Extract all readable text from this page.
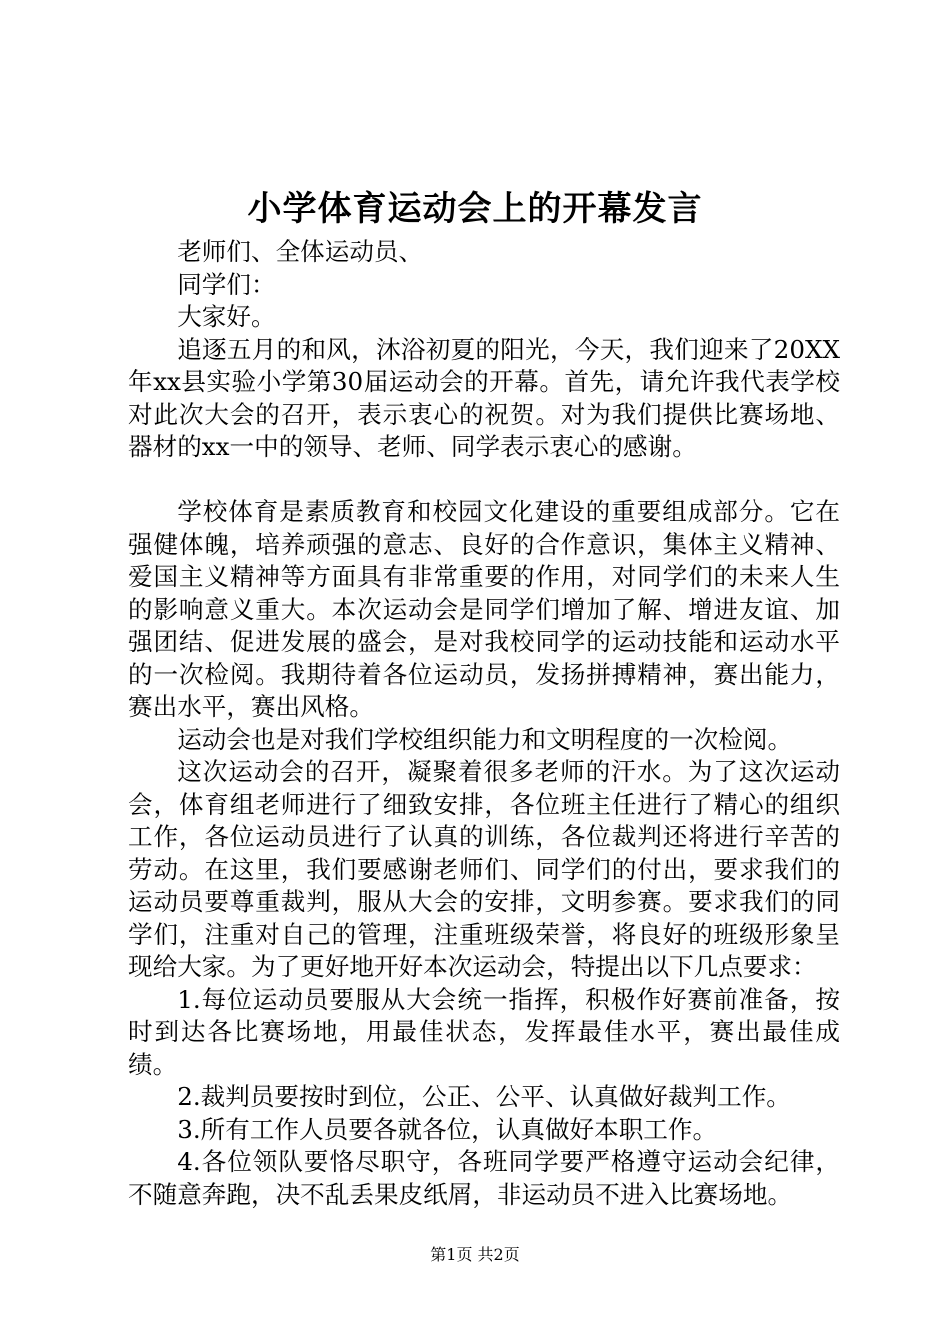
小学体育运动会上的开幕发言

老师们、全体运动员、

同学们：

大家好。

追逐五月的和风，沐浴初夏的阳光，今天，我们迎来了20XX年xx县实验小学第30届运动会的开幕。首先，请允许我代表学校对此次大会的召开，表示衷心的祝贺。对为我们提供比赛场地、器材的xx一中的领导、老师、同学表示衷心的感谢。

学校体育是素质教育和校园文化建设的重要组成部分。它在强健体魄，培养顽强的意志、良好的合作意识，集体主义精神、爱国主义精神等方面具有非常重要的作用，对同学们的未来人生的影响意义重大。本次运动会是同学们增加了解、增进友谊、加强团结、促进发展的盛会，是对我校同学的运动技能和运动水平的一次检阅。我期待着各位运动员，发扬拼搏精神，赛出能力，赛出水平，赛出风格。

运动会也是对我们学校组织能力和文明程度的一次检阅。

这次运动会的召开，凝聚着很多老师的汗水。为了这次运动会，体育组老师进行了细致安排，各位班主任进行了精心的组织工作，各位运动员进行了认真的训练，各位裁判还将进行辛苦的劳动。在这里，我们要感谢老师们、同学们的付出，要求我们的运动员要尊重裁判，服从大会的安排，文明参赛。要求我们的同学们，注重对自己的管理，注重班级荣誉，将良好的班级形象呈现给大家。为了更好地开好本次运动会，特提出以下几点要求：

1.每位运动员要服从大会统一指挥，积极作好赛前准备，按时到达各比赛场地，用最佳状态，发挥最佳水平，赛出最佳成绩。

2.裁判员要按时到位，公正、公平、认真做好裁判工作。

3.所有工作人员要各就各位，认真做好本职工作。

4.各位领队要恪尽职守，各班同学要严格遵守运动会纪律，不随意奔跑，决不乱丢果皮纸屑，非运动员不进入比赛场地。

第1页 共2页
